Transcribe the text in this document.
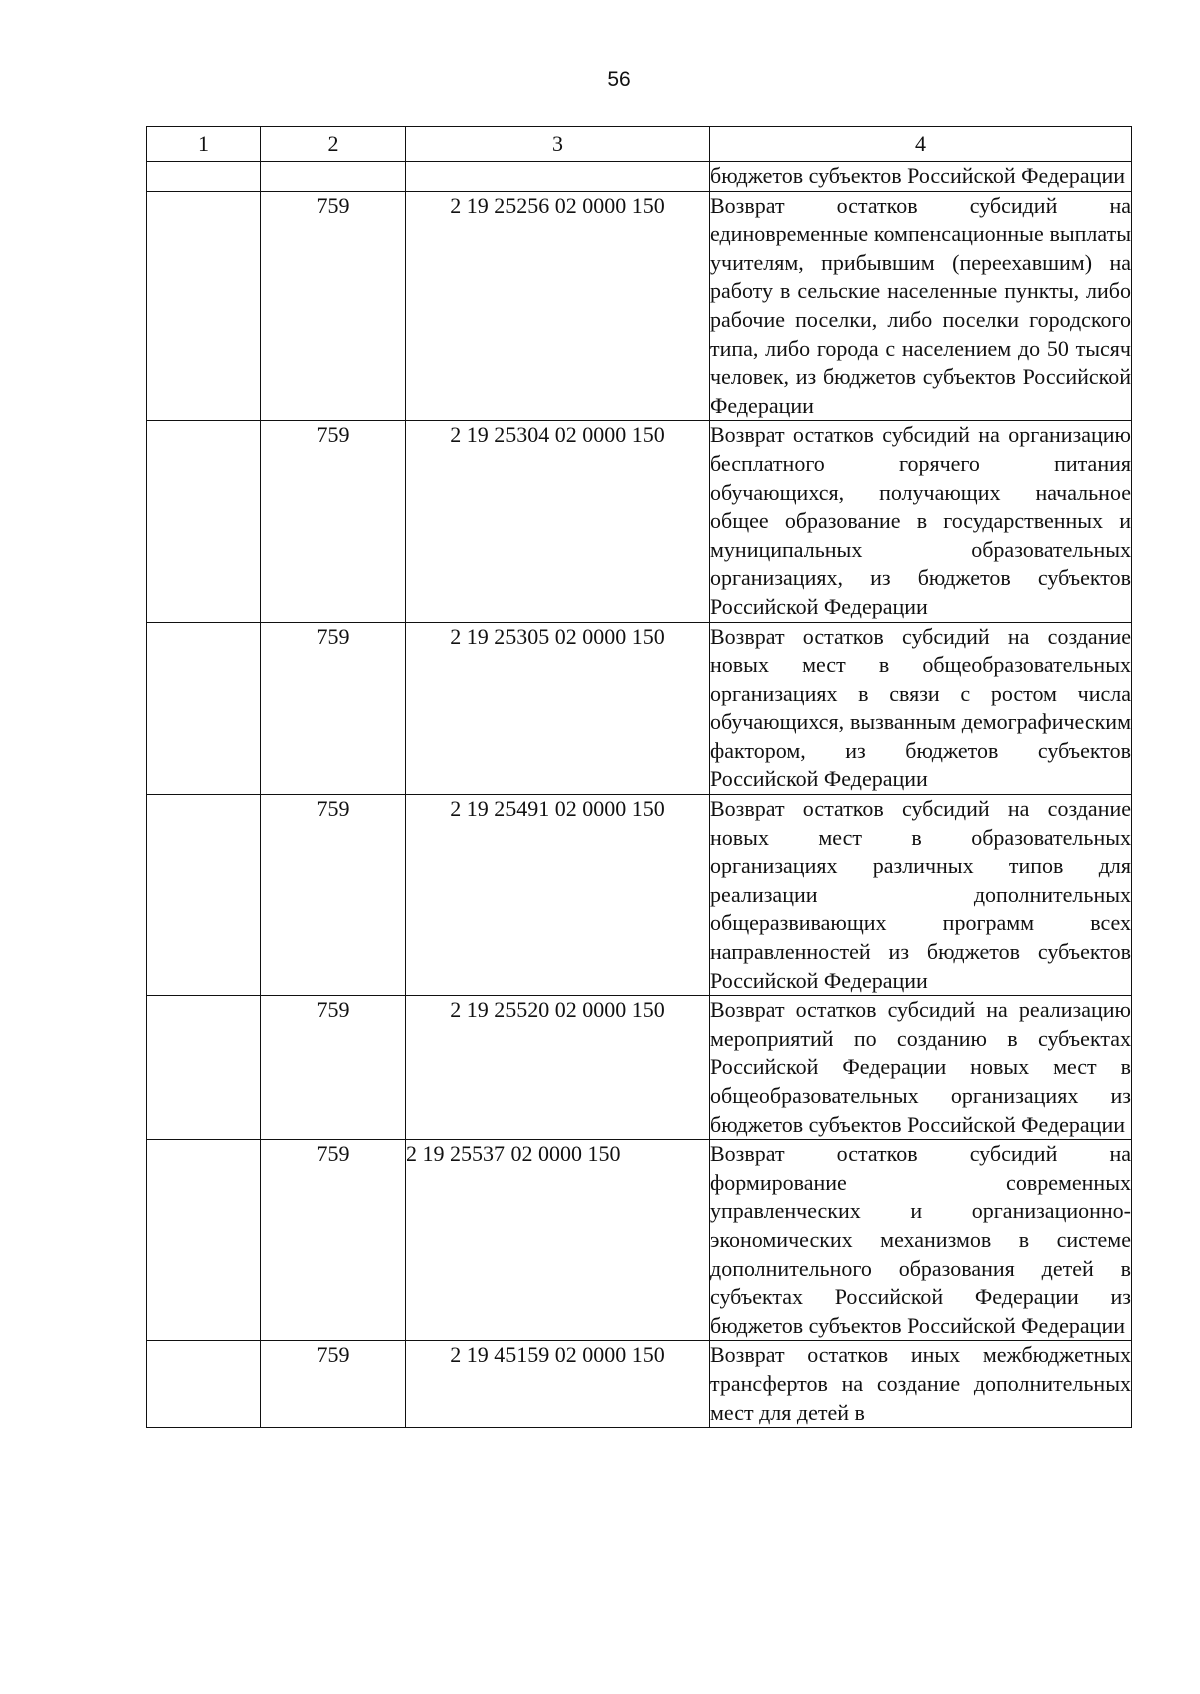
56
1	2	3	4
			бюджетов субъектов Российской Федерации
	759	2 19 25256 02 0000 150	Возврат остатков субсидий на единовременные компенсационные выплаты учителям, прибывшим (переехавшим) на работу в сельские населенные пункты, либо рабочие поселки, либо поселки городского типа, либо города с населением до 50 тысяч человек, из бюджетов субъектов Российской Федерации
	759	2 19 25304 02 0000 150	Возврат остатков субсидий на организацию бесплатного горячего питания обучающихся, получающих начальное общее образование в государственных и муниципальных образовательных организациях, из бюджетов субъектов Российской Федерации
	759	2 19 25305 02 0000 150	Возврат остатков субсидий на создание новых мест в общеобразовательных организациях в связи с ростом числа обучающихся, вызванным демографическим фактором, из бюджетов субъектов Российской Федерации
	759	2 19 25491 02 0000 150	Возврат остатков субсидий на создание новых мест в образовательных организациях различных типов для реализации дополнительных общеразвивающих программ всех направленностей из бюджетов субъектов Российской Федерации
	759	2 19 25520 02 0000 150	Возврат остатков субсидий на реализацию мероприятий по созданию в субъектах Российской Федерации новых мест в общеобразовательных организациях из бюджетов субъектов Российской Федерации
	759	2 19 25537 02 0000 150	Возврат остатков субсидий на формирование современных управленческих и организационно-экономических механизмов в системе дополнительного образования детей в субъектах Российской Федерации из бюджетов субъектов Российской Федерации
	759	2 19 45159 02 0000 150	Возврат остатков иных межбюджетных трансфертов на создание дополнительных мест для детей в
